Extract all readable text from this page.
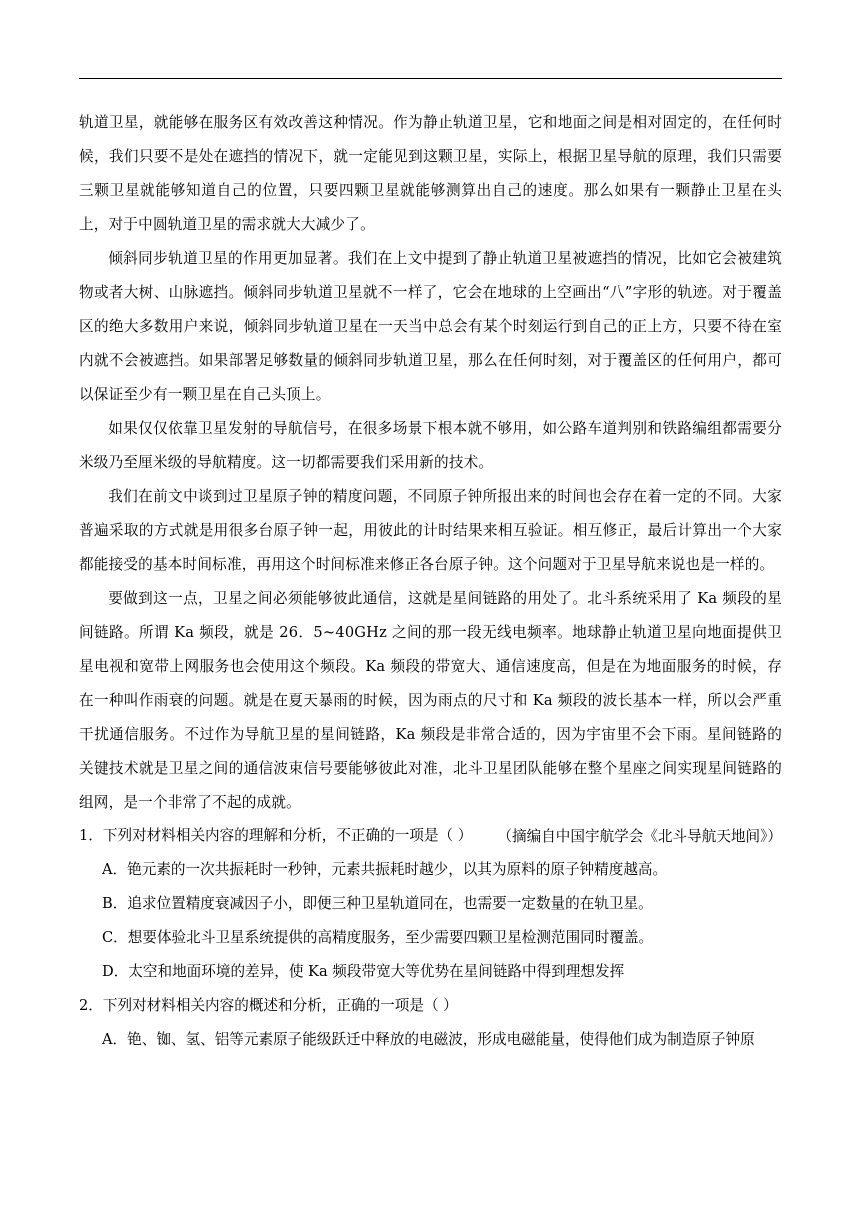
轨道卫星，就能够在服务区有效改善这种情况。作为静止轨道卫星，它和地面之间是相对固定的，在任何时候，我们只要不是处在遮挡的情况下，就一定能见到这颗卫星，实际上，根据卫星导航的原理，我们只需要三颗卫星就能够知道自己的位置，只要四颗卫星就能够测算出自己的速度。那么如果有一颗静止卫星在头上，对于中圆轨道卫星的需求就大大减少了。

倾斜同步轨道卫星的作用更加显著。我们在上文中提到了静止轨道卫星被遮挡的情况，比如它会被建筑物或者大树、山脉遮挡。倾斜同步轨道卫星就不一样了，它会在地球的上空画出“八”字形的轨迹。对于覆盖区的绝大多数用户来说，倾斜同步轨道卫星在一天当中总会有某个时刻运行到自己的正上方，只要不待在室内就不会被遮挡。如果部署足够数量的倾斜同步轨道卫星，那么在任何时刻，对于覆盖区的任何用户，都可以保证至少有一颗卫星在自己头顶上。

如果仅仅依靠卫星发射的导航信号，在很多场景下根本就不够用，如公路车道判别和铁路编组都需要分米级乃至厘米级的导航精度。这一切都需要我们采用新的技术。

我们在前文中谈到过卫星原子钟的精度问题，不同原子钟所报出来的时间也会存在着一定的不同。大家普遍采取的方式就是用很多台原子钟一起，用彼此的计时结果来相互验证。相互修正，最后计算出一个大家都能接受的基本时间标准，再用这个时间标准来修正各台原子钟。这个问题对于卫星导航来说也是一样的。

要做到这一点，卫星之间必须能够彼此通信，这就是星间链路的用处了。北斗系统采用了 Ka 频段的星间链路。所谓 Ka 频段，就是 26．5~40GHz 之间的那一段无线电频率。地球静止轨道卫星向地面提供卫星电视和宽带上网服务也会使用这个频段。Ka 频段的带宽大、通信速度高，但是在为地面服务的时候，存在一种叫作雨衰的问题。就是在夏天暴雨的时候，因为雨点的尺寸和 Ka 频段的波长基本一样，所以会严重干扰通信服务。不过作为导航卫星的星间链路，Ka 频段是非常合适的，因为宇宙里不会下雨。星间链路的关键技术就是卫星之间的通信波束信号要能够彼此对准，北斗卫星团队能够在整个星座之间实现星间链路的组网，是一个非常了不起的成就。

（摘编自中国宇航学会《北斗导航天地间》）

1．下列对材料相关内容的理解和分析，不正确的一项是（ ）

A．铯元素的一次共振耗时一秒钟，元素共振耗时越少，以其为原料的原子钟精度越高。

B．追求位置精度衰减因子小，即便三种卫星轨道同在，也需要一定数量的在轨卫星。

C．想要体验北斗卫星系统提供的高精度服务，至少需要四颗卫星检测范围同时覆盖。

D．太空和地面环境的差异，使 Ka 频段带宽大等优势在星间链路中得到理想发挥

2．下列对材料相关内容的概述和分析，正确的一项是（ ）

A．铯、铷、氢、铝等元素原子能级跃迁中释放的电磁波，形成电磁能量，使得他们成为制造原子钟原
